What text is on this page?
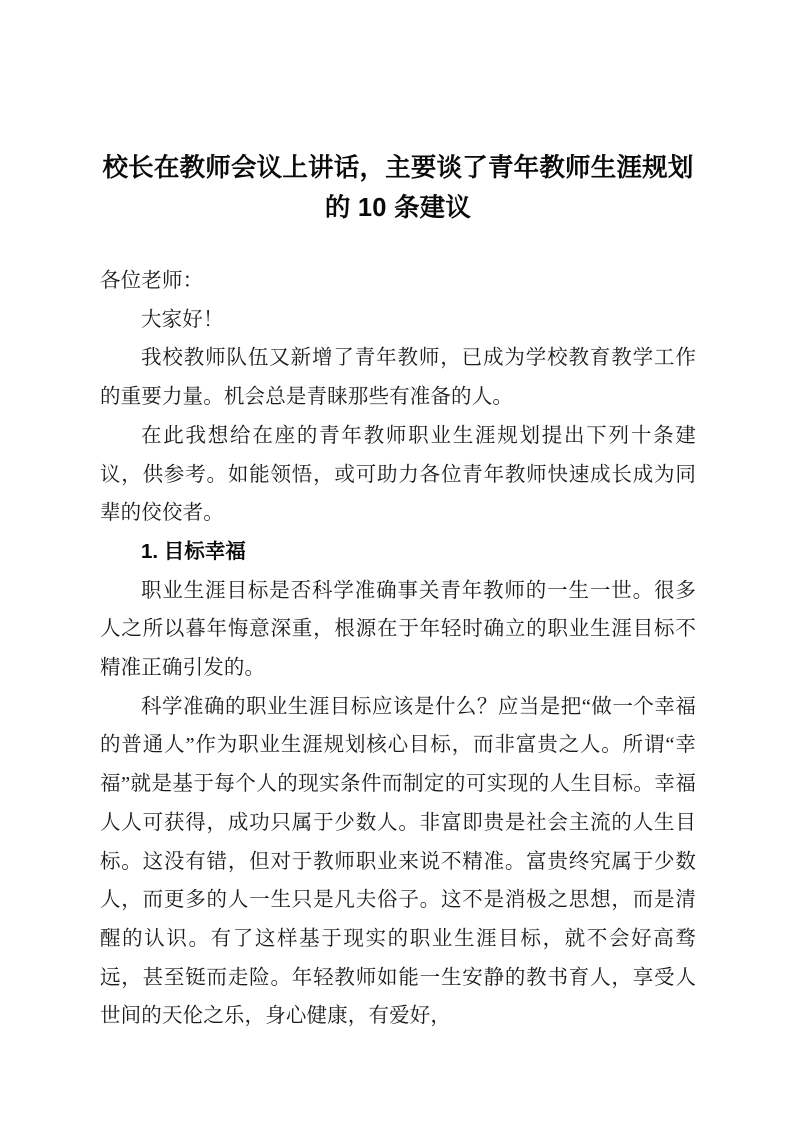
校长在教师会议上讲话，主要谈了青年教师生涯规划的 10 条建议

各位老师：

大家好！

我校教师队伍又新增了青年教师，已成为学校教育教学工作的重要力量。机会总是青睐那些有准备的人。

在此我想给在座的青年教师职业生涯规划提出下列十条建议，供参考。如能领悟，或可助力各位青年教师快速成长成为同辈的佼佼者。

1. 目标幸福

职业生涯目标是否科学准确事关青年教师的一生一世。很多人之所以暮年悔意深重，根源在于年轻时确立的职业生涯目标不精准正确引发的。

科学准确的职业生涯目标应该是什么？应当是把“做一个幸福的普通人”作为职业生涯规划核心目标，而非富贵之人。所谓“幸福”就是基于每个人的现实条件而制定的可实现的人生目标。幸福人人可获得，成功只属于少数人。非富即贵是社会主流的人生目标。这没有错，但对于教师职业来说不精准。富贵终究属于少数人，而更多的人一生只是凡夫俗子。这不是消极之思想，而是清醒的认识。有了这样基于现实的职业生涯目标，就不会好高骛远，甚至铤而走险。年轻教师如能一生安静的教书育人，享受人世间的天伦之乐，身心健康，有爱好，
